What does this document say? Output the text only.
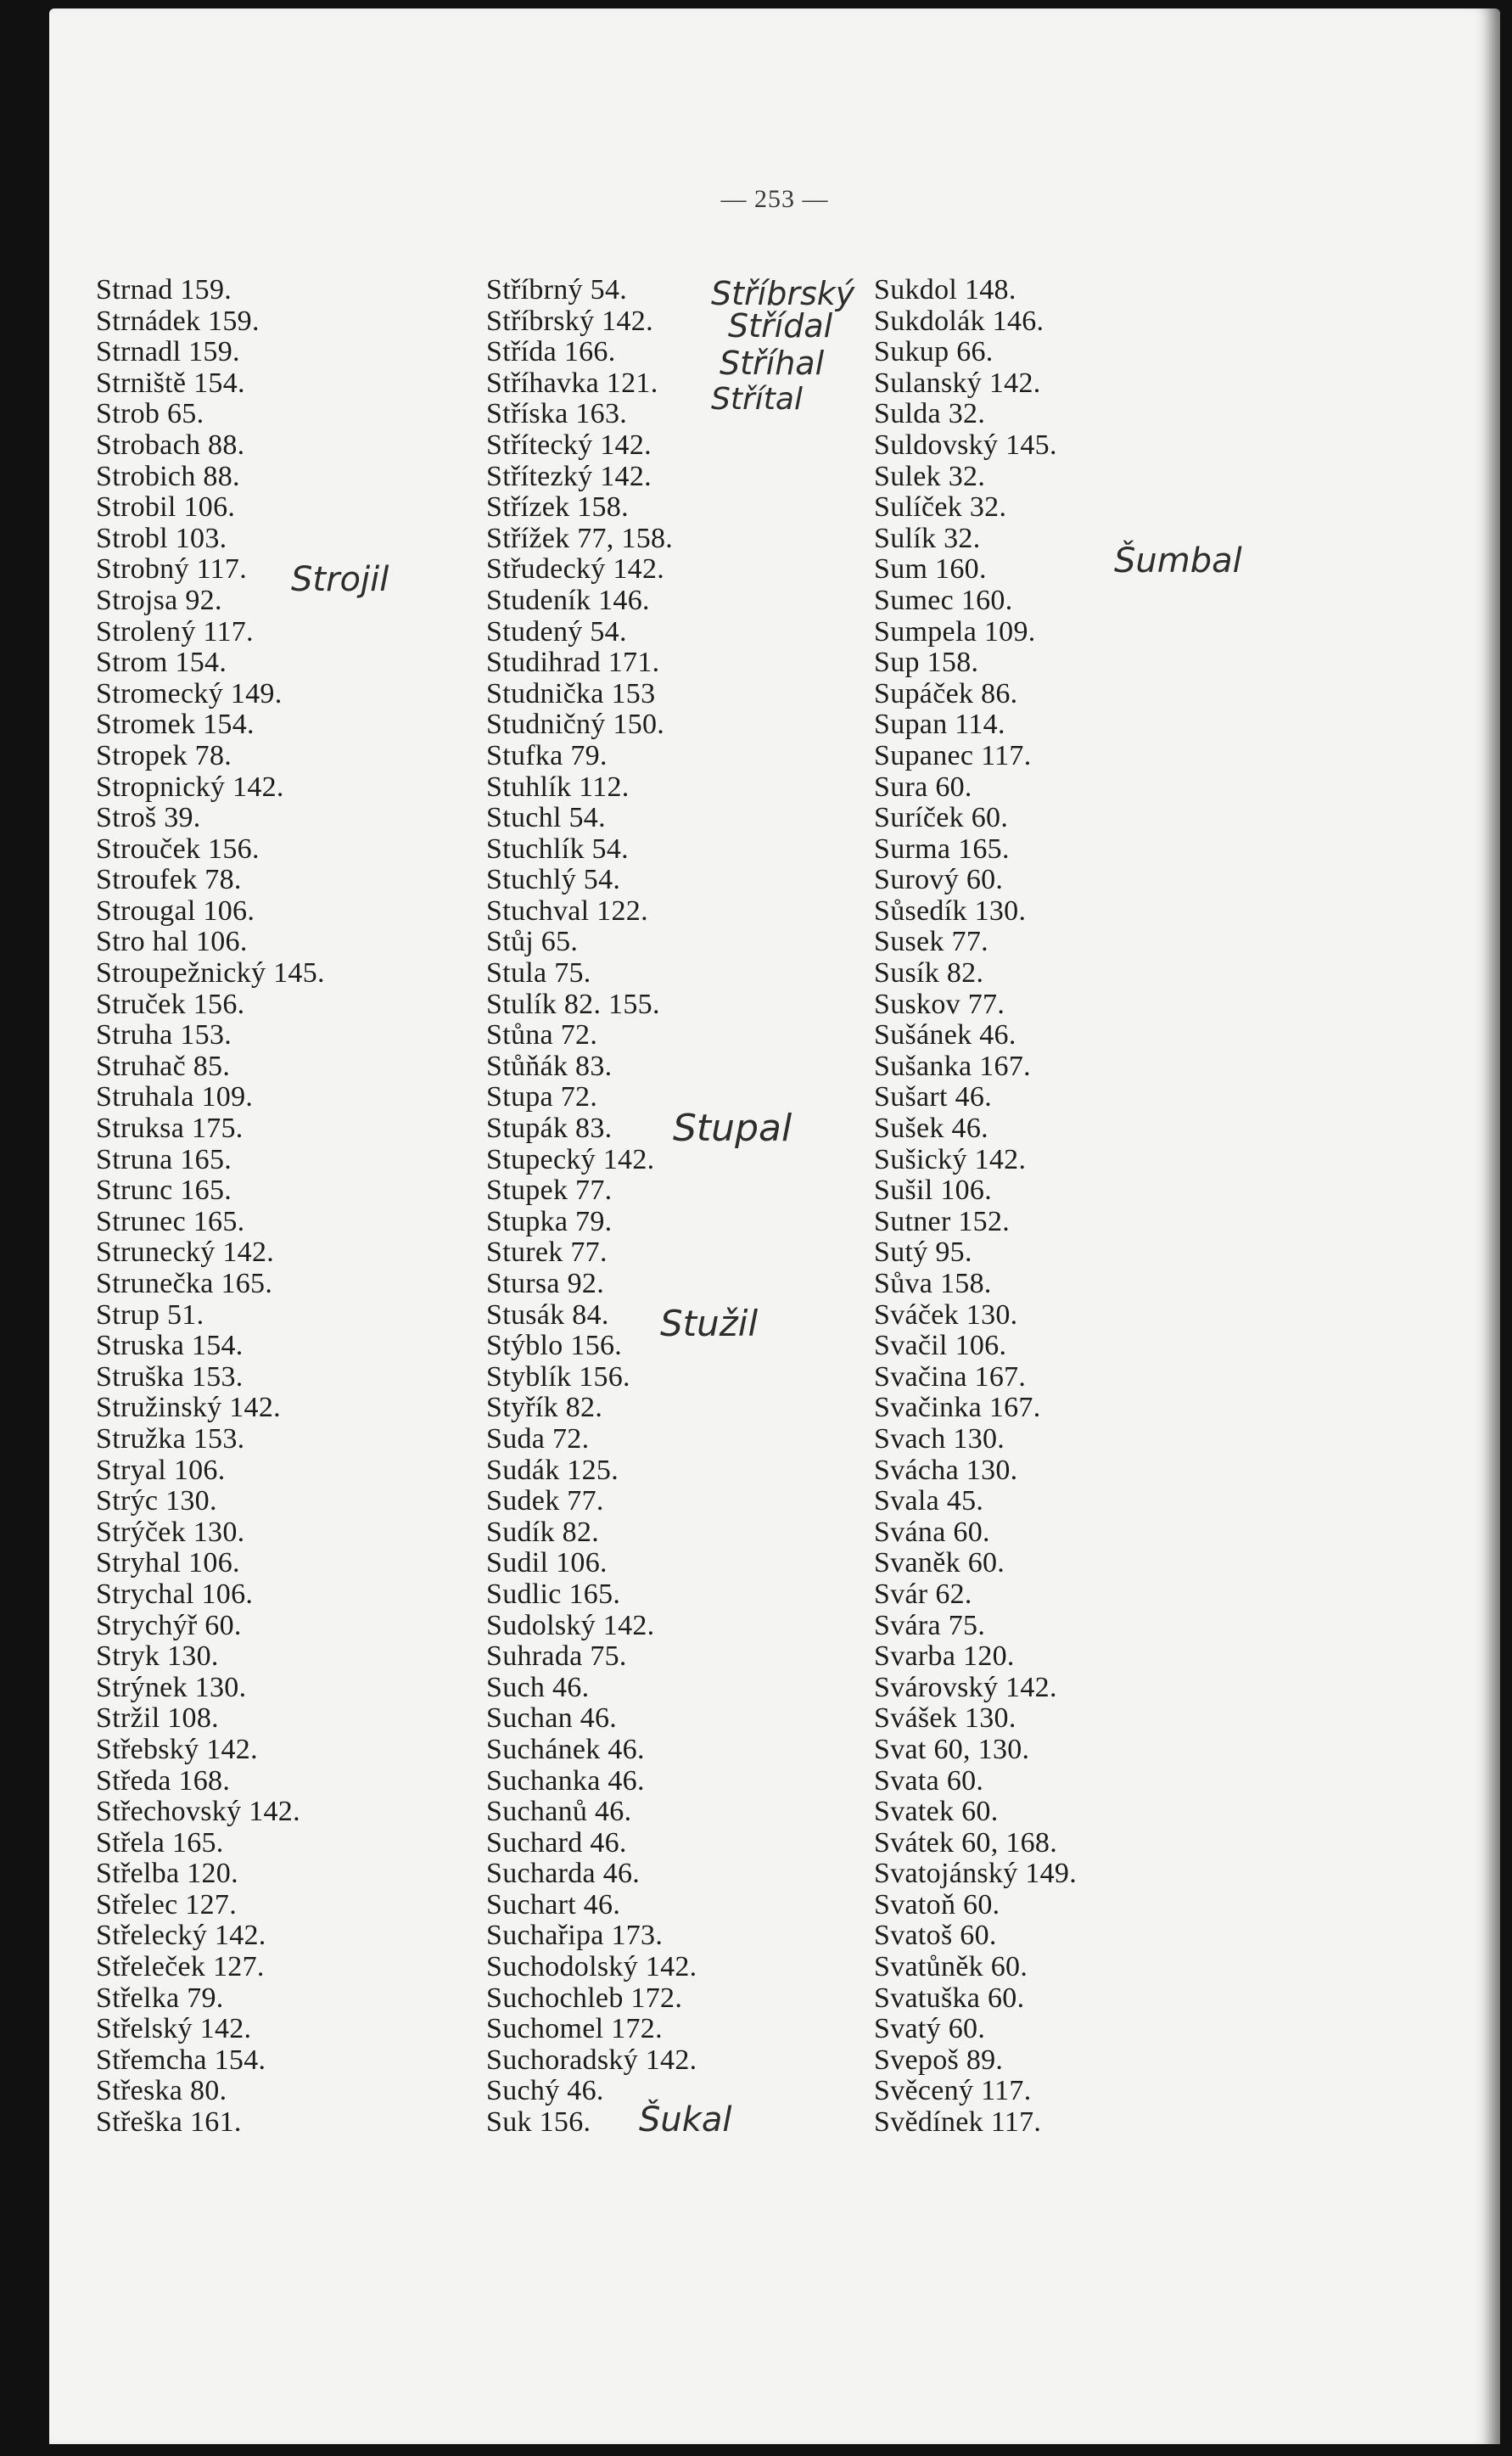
— 253 —
Strnad 159.
Strnádek 159.
Strnadl 159.
Strniště 154.
Strob 65.
Strobach 88.
Strobich 88.
Strobil 106.
Strobl 103.
Strobný 117.
Strojsa 92.
Strolený 117.
Strom 154.
Stromecký 149.
Stromek 154.
Stropek 78.
Stropnický 142.
Stroš 39.
Strouček 156.
Stroufek 78.
Strougal 106.
Stro hal 106.
Stroupežnický 145.
Struček 156.
Struha 153.
Struhač 85.
Struhala 109.
Struksa 175.
Struna 165.
Strunc 165.
Strunec 165.
Strunecký 142.
Strunečka 165.
Strup 51.
Struska 154.
Struška 153.
Stružinský 142.
Stružka 153.
Stryal 106.
Strýc 130.
Strýček 130.
Stryhal 106.
Strychal 106.
Strychýř 60.
Stryk 130.
Strýnek 130.
Stržil 108.
Střebský 142.
Středa 168.
Střechovský 142.
Střela 165.
Střelba 120.
Střelec 127.
Střelecký 142.
Střeleček 127.
Střelka 79.
Střelský 142.
Střemcha 154.
Střeska 80.
Střeška 161.
Stříbrný 54.
Stříbrský 142.
Střída 166.
Stříhavka 121.
Stříska 163.
Střítecký 142.
Střítezký 142.
Střízek 158.
Střížek 77, 158.
Střudecký 142.
Studeník 146.
Studený 54.
Studihrad 171.
Studnička 153
Studničný 150.
Stufka 79.
Stuhlík 112.
Stuchl 54.
Stuchlík 54.
Stuchlý 54.
Stuchval 122.
Stůj 65.
Stula 75.
Stulík 82. 155.
Stůna 72.
Stůňák 83.
Stupa 72.
Stupák 83.
Stupecký 142.
Stupek 77.
Stupka 79.
Sturek 77.
Stursa 92.
Stusák 84.
Stýblo 156.
Styblík 156.
Styřík 82.
Suda 72.
Sudák 125.
Sudek 77.
Sudík 82.
Sudil 106.
Sudlic 165.
Sudolský 142.
Suhrada 75.
Such 46.
Suchan 46.
Suchánek 46.
Suchanka 46.
Suchanů 46.
Suchard 46.
Sucharda 46.
Suchart 46.
Suchařipa 173.
Suchodolský 142.
Suchochleb 172.
Suchomel 172.
Suchoradský 142.
Suchý 46.
Suk 156.
Sukdol 148.
Sukdolák 146.
Sukup 66.
Sulanský 142.
Sulda 32.
Suldovský 145.
Sulek 32.
Sulíček 32.
Sulík 32.
Sum 160.
Sumec 160.
Sumpela 109.
Sup 158.
Supáček 86.
Supan 114.
Supanec 117.
Sura 60.
Suríček 60.
Surma 165.
Surový 60.
Sůsedík 130.
Susek 77.
Susík 82.
Suskov 77.
Sušánek 46.
Sušanka 167.
Sušart 46.
Sušek 46.
Sušický 142.
Sušil 106.
Sutner 152.
Sutý 95.
Sůva 158.
Sváček 130.
Svačil 106.
Svačina 167.
Svačinka 167.
Svach 130.
Svácha 130.
Svala 45.
Svána 60.
Svaněk 60.
Svár 62.
Svára 75.
Svarba 120.
Svárovský 142.
Svášek 130.
Svat 60, 130.
Svata 60.
Svatek 60.
Svátek 60, 168.
Svatojánský 149.
Svatoň 60.
Svatoš 60.
Svatůněk 60.
Svatuška 60.
Svatý 60.
Svepoš 89.
Svěcený 117.
Svědínek 117.
Strojil
Stříbrský
Střídal
Stříhal
Střítal
Šumbal
Stupal
Stužil
Šukal
